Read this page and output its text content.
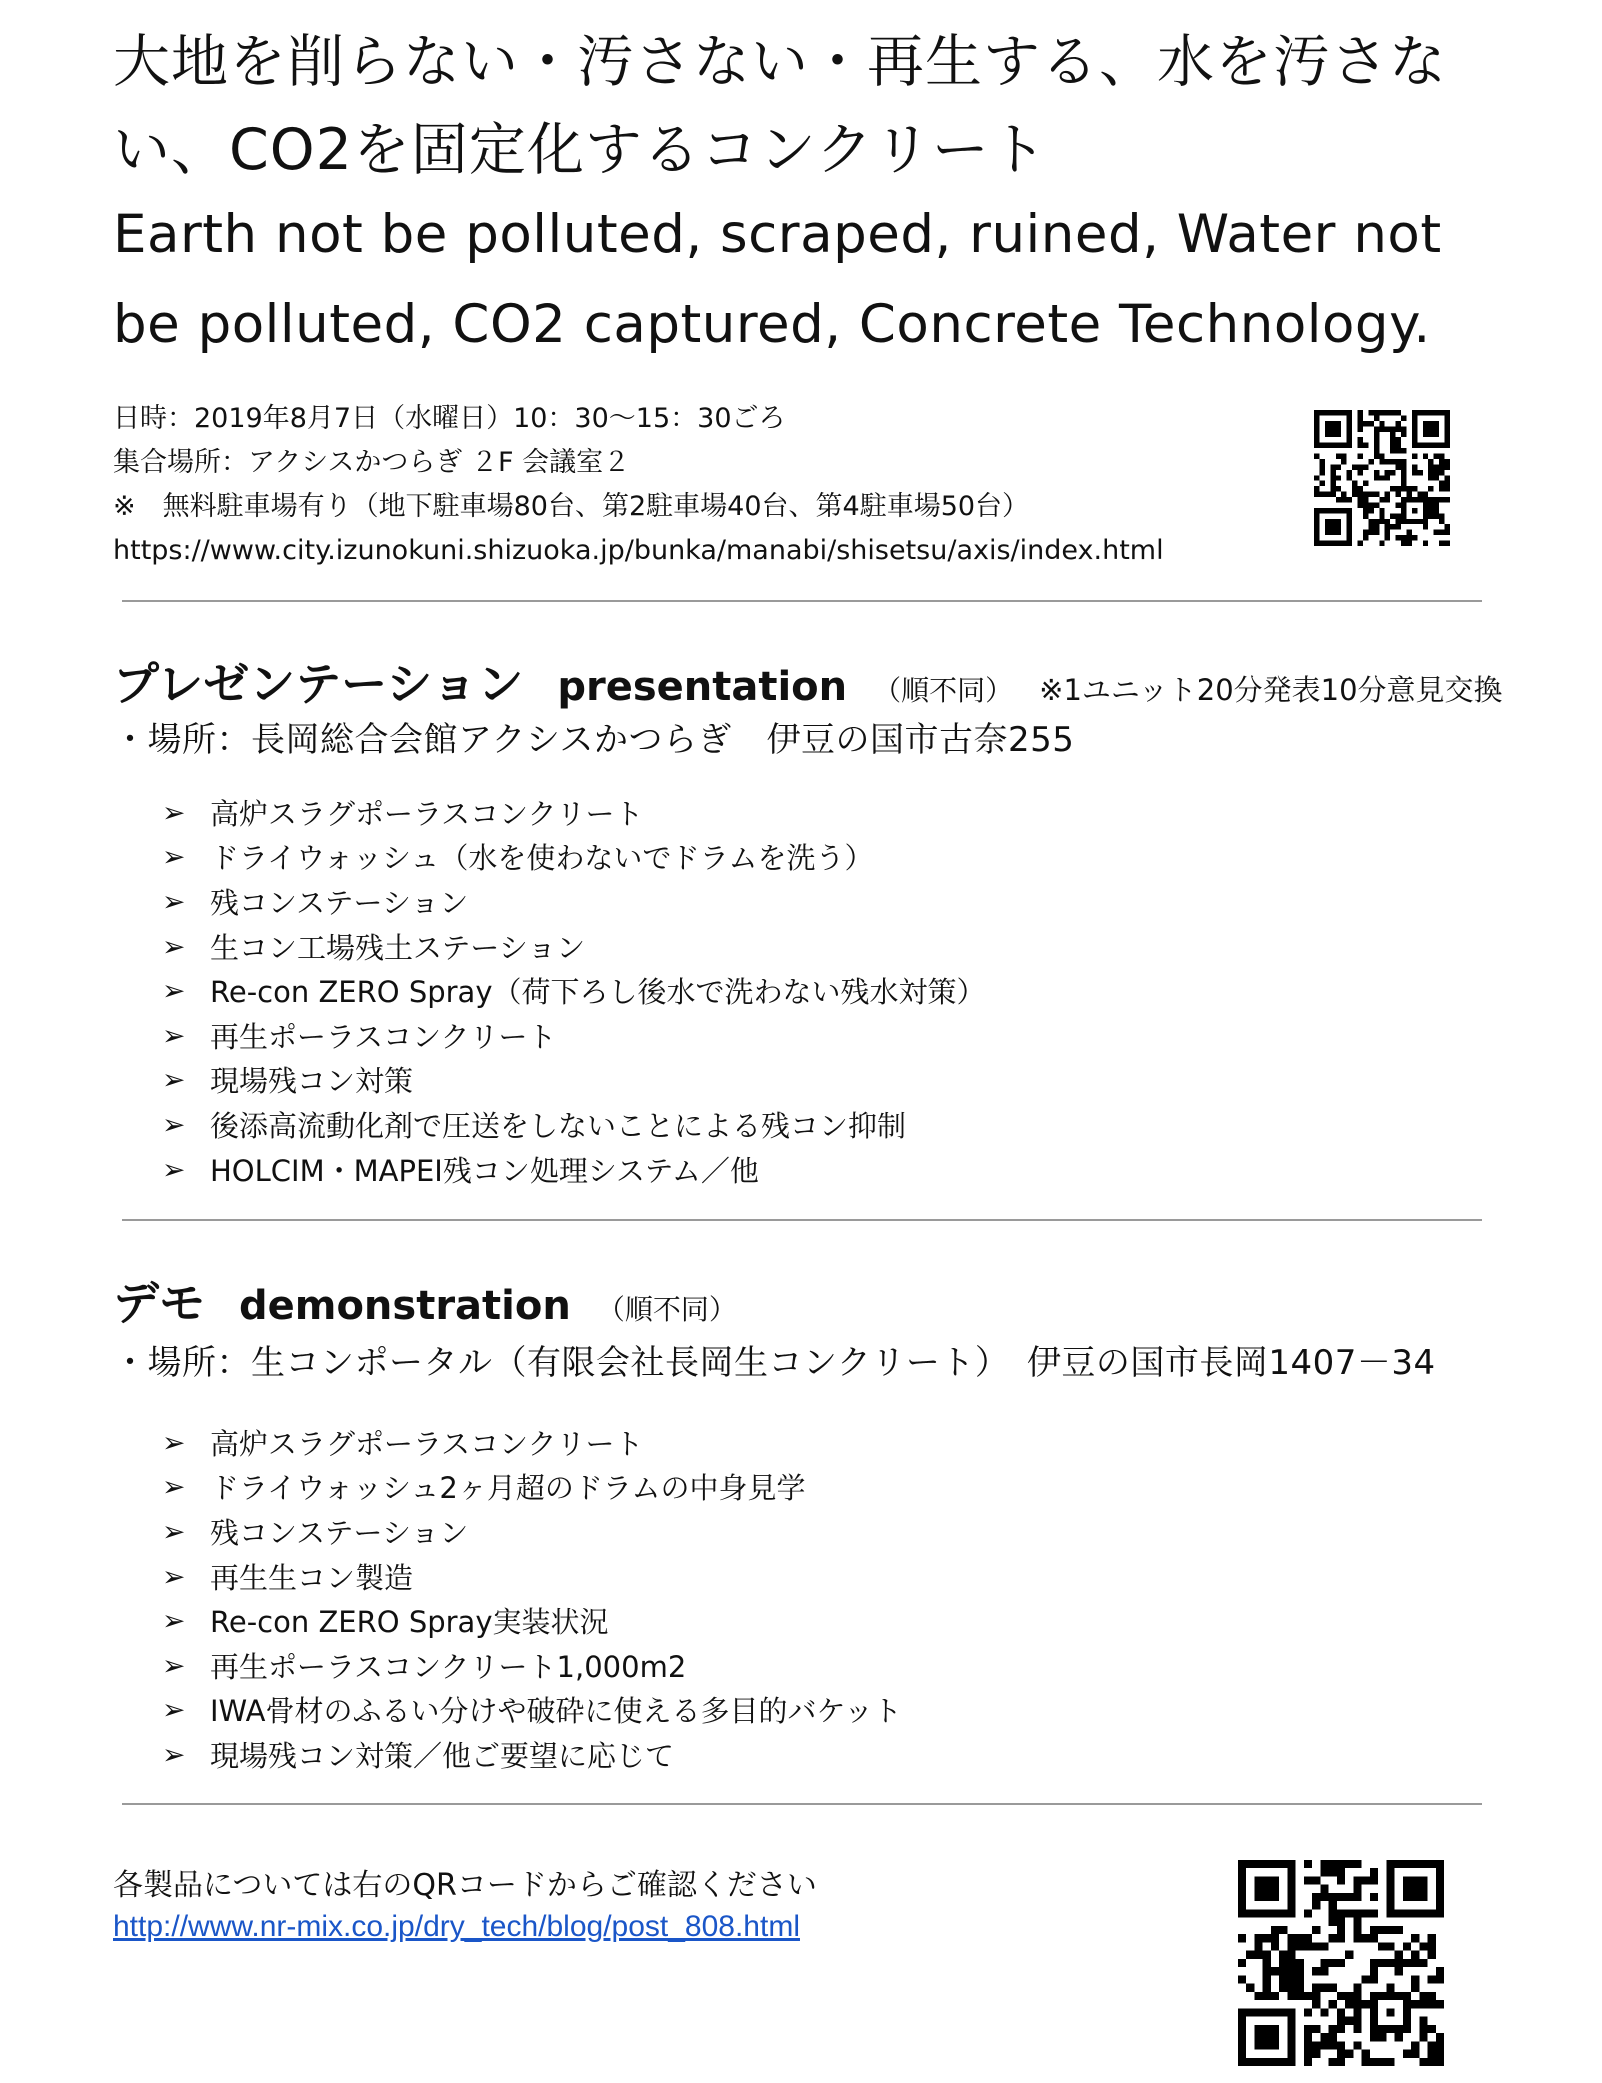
大地を削らない・汚さない・再生する、水を汚さない、CO2を固定化するコンクリート
Earth not be polluted, scraped, ruined, Water not be polluted, CO2 captured, Concrete Technology.
日時：2019年8月7日（水曜日）10：30〜15：30ごろ
集合場所：アクシスかつらぎ ２F 会議室２
※　無料駐車場有り（地下駐車場80台、第2駐車場40台、第4駐車場50台）
https://www.city.izunokuni.shizuoka.jp/bunka/manabi/shisetsu/axis/index.html
プレゼンテーション presentation （順不同） ※1ユニット20分発表10分意見交換
・場所：長岡総合会館アクシスかつらぎ　伊豆の国市古奈255
➢ 高炉スラグポーラスコンクリート
➢ ドライウォッシュ（水を使わないでドラムを洗う）
➢ 残コンステーション
➢ 生コン工場残土ステーション
➢ Re-con ZERO Spray（荷下ろし後水で洗わない残水対策）
➢ 再生ポーラスコンクリート
➢ 現場残コン対策
➢ 後添高流動化剤で圧送をしないことによる残コン抑制
➢ HOLCIM・MAPEI残コン処理システム／他
デモ demonstration （順不同）
・場所：生コンポータル（有限会社長岡生コンクリート）　伊豆の国市長岡1407－34
➢ 高炉スラグポーラスコンクリート
➢ ドライウォッシュ2ヶ月超のドラムの中身見学
➢ 残コンステーション
➢ 再生生コン製造
➢ Re-con ZERO Spray実装状況
➢ 再生ポーラスコンクリート1,000m2
➢ IWA骨材のふるい分けや破砕に使える多目的バケット
➢ 現場残コン対策／他ご要望に応じて
各製品については右のQRコードからご確認ください
http://www.nr-mix.co.jp/dry_tech/blog/post_808.html
